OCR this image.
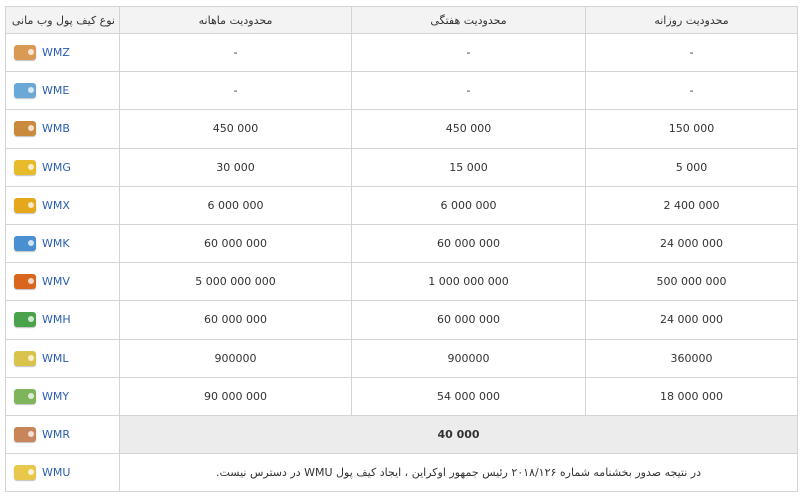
نوع کیف پول وب مانی	محدودیت ماهانه	محدودیت هفتگی	محدودیت روزانه

WMZ	-	-	-

WME	-	-	-

WMB	450 000	450 000	150 000

WMG	30 000	15 000	5 000

WMX	6 000 000	6 000 000	2 400 000

WMK	60 000 000	60 000 000	24 000 000

WMV	5 000 000 000	1 000 000 000	500 000 000

WMH	60 000 000	60 000 000	24 000 000

WML	900000	900000	360000

WMY	90 000 000	54 000 000	18 000 000

WMR	40 000		

WMU	در نتیجه صدور بخشنامه شماره ۲۰۱۸/۱۲۶ رئیس جمهور اوکراین ، ایجاد کیف پول WMU در دسترس نیست.		
